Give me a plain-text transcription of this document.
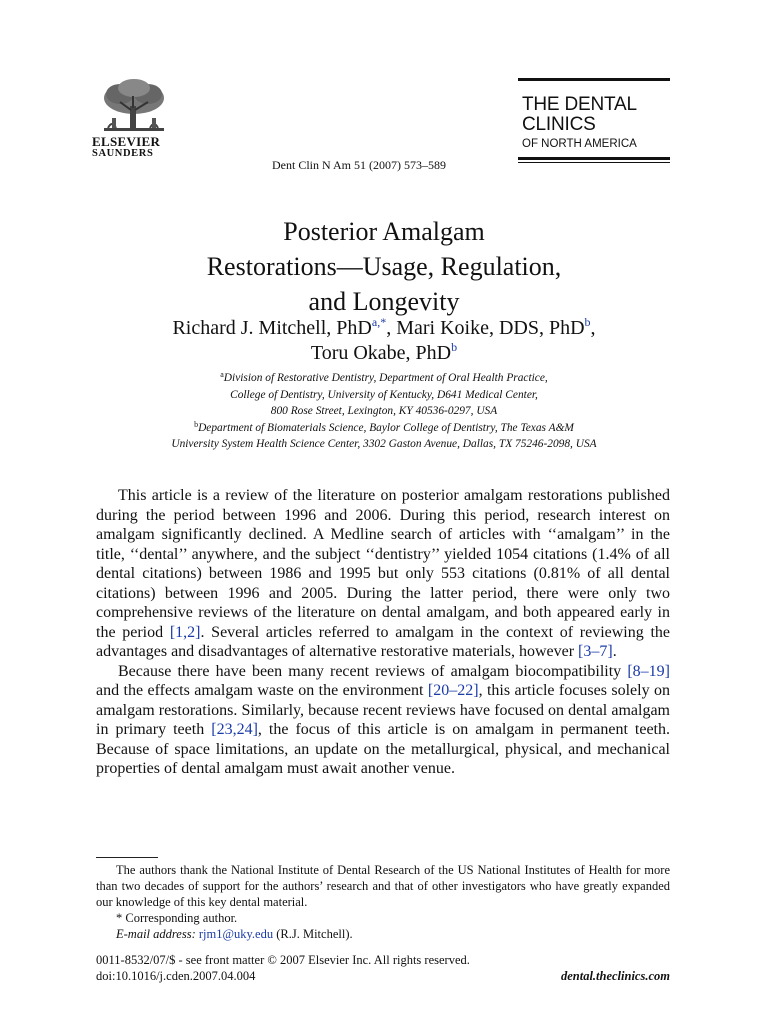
ELSEVIER
SAUNDERS
Dent Clin N Am 51 (2007) 573–589
THE DENTAL
CLINICS
OF NORTH AMERICA
Posterior Amalgam
Restorations—Usage, Regulation,
and Longevity
Richard J. Mitchell, PhD$^{a,*}$, Mari Koike, DDS, PhD$^b$,
Toru Okabe, PhD$^b$
$^a$Division of Restorative Dentistry, Department of Oral Health Practice,
College of Dentistry, University of Kentucky, D641 Medical Center,
800 Rose Street, Lexington, KY 40536-0297, USA
$^b$Department of Biomaterials Science, Baylor College of Dentistry, The Texas A&M
University System Health Science Center, 3302 Gaston Avenue, Dallas, TX 75246-2098, USA

This article is a review of the literature on posterior amalgam restorations published during the period between 1996 and 2006. During this period, research interest on amalgam significantly declined. A Medline search of articles with ‘‘amalgam’’ in the title, ‘‘dental’’ anywhere, and the subject ‘‘dentistry’’ yielded 1054 citations (1.4% of all dental citations) between 1986 and 1995 but only 553 citations (0.81% of all dental citations) between 1996 and 2005. During the latter period, there were only two comprehensive reviews of the literature on dental amalgam, and both appeared early in the period [1,2]. Several articles referred to amalgam in the context of reviewing the advantages and disadvantages of alternative restorative materials, however [3–7].

Because there have been many recent reviews of amalgam biocompatibility [8–19] and the effects amalgam waste on the environment [20–22], this article focuses solely on amalgam restorations. Similarly, because recent reviews have focused on dental amalgam in primary teeth [23,24], the focus of this article is on amalgam in permanent teeth. Because of space limitations, an update on the metallurgical, physical, and mechanical properties of dental amalgam must await another venue.

The authors thank the National Institute of Dental Research of the US National Institutes of Health for more than two decades of support for the authors’ research and that of other investigators who have greatly expanded our knowledge of this key dental material.

* Corresponding author.

E-mail address: rjm1@uky.edu (R.J. Mitchell).

0011-8532/07/$ - see front matter © 2007 Elsevier Inc. All rights reserved.
doi:10.1016/j.cden.2007.04.004	dental.theclinics.com
